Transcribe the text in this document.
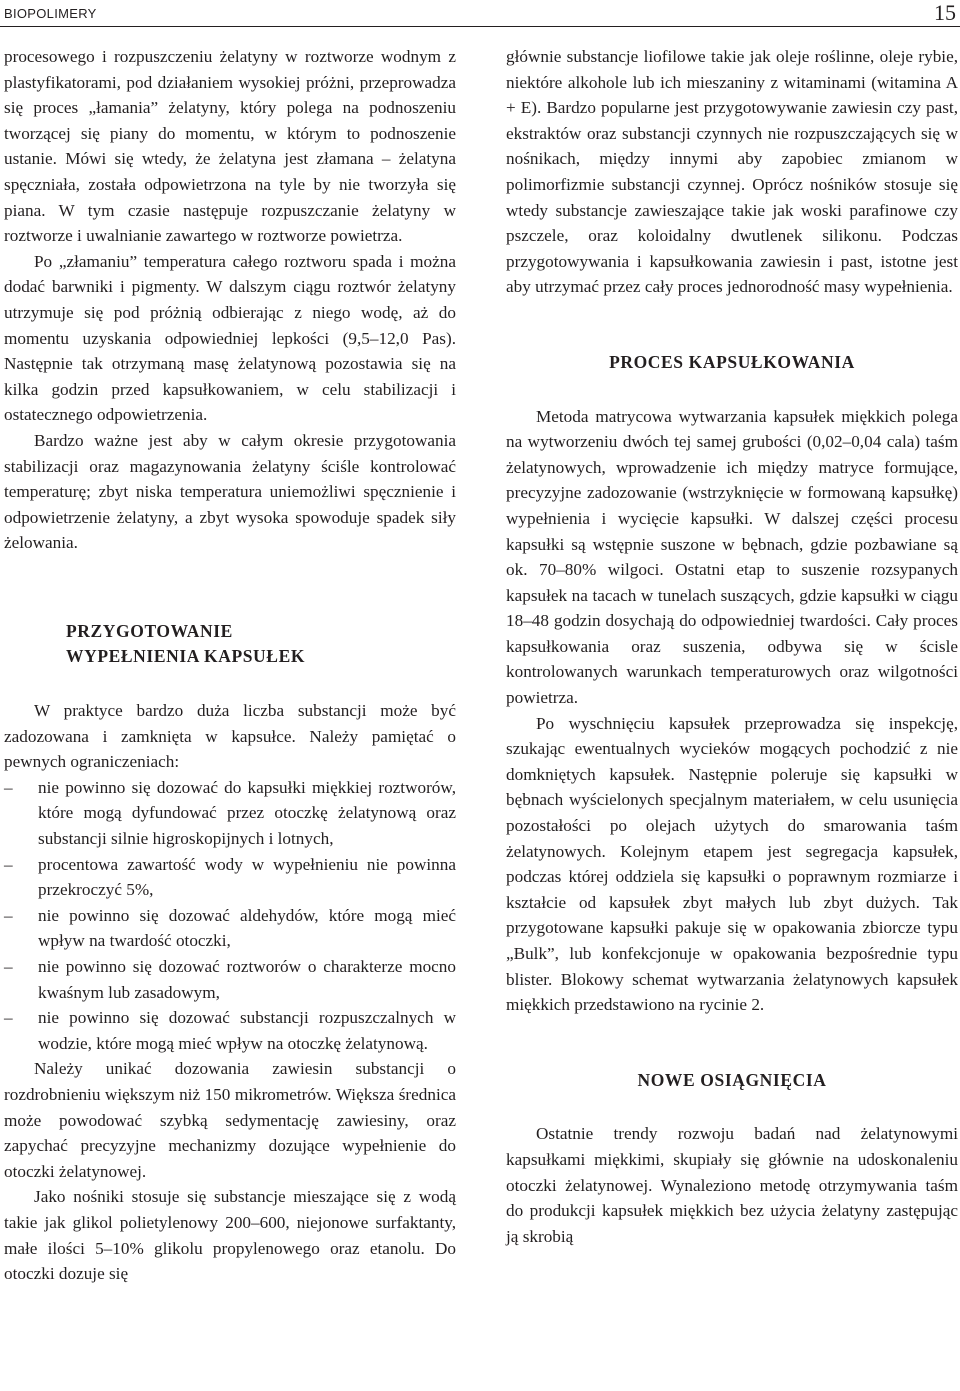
BIOPOLIMERY	15

procesowego i rozpuszczeniu żelatyny w roztworze wodnym z plastyfikatorami, pod działaniem wysokiej próżni, przeprowadza się proces „łamania” żelatyny, który polega na podnoszeniu tworzącej się piany do momentu, w którym to podnoszenie ustanie. Mówi się wtedy, że żelatyna jest złamana – żelatyna spęczniała, została odpowietrzona na tyle by nie tworzyła się piana. W tym czasie następuje rozpuszczanie żelatyny w roztworze i uwalnianie zawartego w roztworze powietrza.

Po „złamaniu” temperatura całego roztworu spada i można dodać barwniki i pigmenty. W dalszym ciągu roztwór żelatyny utrzymuje się pod próżnią odbierając z niego wodę, aż do momentu uzyskania odpowiedniej lepkości (9,5–12,0 Pas). Następnie tak otrzymaną masę żelatynową pozostawia się na kilka godzin przed kapsułkowaniem, w celu stabilizacji i ostatecznego odpowietrzenia.

Bardzo ważne jest aby w całym okresie przygotowania stabilizacji oraz magazynowania żelatyny ściśle kontrolować temperaturę; zbyt niska temperatura uniemożliwi spęcznienie i odpowietrzenie żelatyny, a zbyt wysoka spowoduje spadek siły żelowania.

PRZYGOTOWANIE
WYPEŁNIENIA KAPSUŁEK

W praktyce bardzo duża liczba substancji może być zadozowana i zamknięta w kapsułce. Należy pamiętać o pewnych ograniczeniach:

– nie powinno się dozować do kapsułki miękkiej roztworów, które mogą dyfundować przez otoczkę żelatynową oraz substancji silnie higroskopijnych i lotnych,
– procentowa zawartość wody w wypełnieniu nie powinna przekroczyć 5%,
– nie powinno się dozować aldehydów, które mogą mieć wpływ na twardość otoczki,
– nie powinno się dozować roztworów o charakterze mocno kwaśnym lub zasadowym,
– nie powinno się dozować substancji rozpuszczalnych w wodzie, które mogą mieć wpływ na otoczkę żelatynową.

Należy unikać dozowania zawiesin substancji o rozdrobnieniu większym niż 150 mikrometrów. Większa średnica może powodować szybką sedymentację zawiesiny, oraz zapychać precyzyjne mechanizmy dozujące wypełnienie do otoczki żelatynowej.

Jako nośniki stosuje się substancje mieszające się z wodą takie jak glikol polietylenowy 200–600, niejonowe surfaktanty, małe ilości 5–10% glikolu propylenowego oraz etanolu. Do otoczki dozuje się

głównie substancje liofilowe takie jak oleje roślinne, oleje rybie, niektóre alkohole lub ich mieszaniny z witaminami (witamina A + E). Bardzo popularne jest przygotowywanie zawiesin czy past, ekstraktów oraz substancji czynnych nie rozpuszczających się w nośnikach, między innymi aby zapobiec zmianom w polimorfizmie substancji czynnej. Oprócz nośników stosuje się wtedy substancje zawieszające takie jak woski parafinowe czy pszczele, oraz koloidalny dwutlenek silikonu. Podczas przygotowywania i kapsułkowania zawiesin i past, istotne jest aby utrzymać przez cały proces jednorodność masy wypełnienia.

PROCES KAPSUŁKOWANIA

Metoda matrycowa wytwarzania kapsułek miękkich polega na wytworzeniu dwóch tej samej grubości (0,02–0,04 cala) taśm żelatynowych, wprowadzenie ich między matryce formujące, precyzyjne zadozowanie (wstrzyknięcie w formowaną kapsułkę) wypełnienia i wycięcie kapsułki. W dalszej części procesu kapsułki są wstępnie suszone w bębnach, gdzie pozbawiane są ok. 70–80% wilgoci. Ostatni etap to suszenie rozsypanych kapsułek na tacach w tunelach suszących, gdzie kapsułki w ciągu 18–48 godzin dosychają do odpowiedniej twardości. Cały proces kapsułkowania oraz suszenia, odbywa się w ścisle kontrolowanych warunkach temperaturowych oraz wilgotności powietrza.

Po wyschnięciu kapsułek przeprowadza się inspekcję, szukając ewentualnych wycieków mogących pochodzić z nie domkniętych kapsułek. Następnie poleruje się kapsułki w bębnach wyścielonych specjalnym materiałem, w celu usunięcia pozostałości po olejach użytych do smarowania taśm żelatynowych. Kolejnym etapem jest segregacja kapsułek, podczas której oddziela się kapsułki o poprawnym rozmiarze i kształcie od kapsułek zbyt małych lub zbyt dużych. Tak przygotowane kapsułki pakuje się w opakowania zbiorcze typu „Bulk”, lub konfekcjonuje w opakowania bezpośrednie typu blister. Blokowy schemat wytwarzania żelatynowych kapsułek miękkich przedstawiono na rycinie 2.

NOWE OSIĄGNIĘCIA

Ostatnie trendy rozwoju badań nad żelatynowymi kapsułkami miękkimi, skupiały się głównie na udoskonaleniu otoczki żelatynowej. Wynaleziono metodę otrzymywania taśm do produkcji kapsułek miękkich bez użycia żelatyny zastępując ją skrobią
